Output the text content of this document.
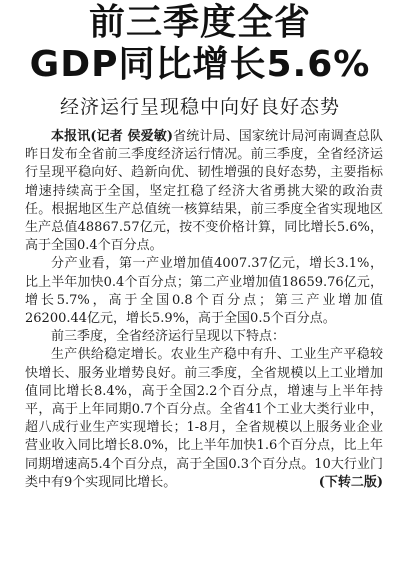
前三季度全省
GDP同比增长5.6%
经济运行呈现稳中向好良好态势

本报讯(记者 侯爱敏)省统计局、国家统计局河南调查总队昨日发布全省前三季度经济运行情况。前三季度，全省经济运行呈现平稳向好、趋新向优、韧性增强的良好态势，主要指标增速持续高于全国，坚定扛稳了经济大省勇挑大梁的政治责任。根据地区生产总值统一核算结果，前三季度全省实现地区生产总值48867.57亿元，按不变价格计算，同比增长5.6%，高于全国0.4个百分点。

分产业看，第一产业增加值4007.37亿元，增长3.1%，比上半年加快0.4个百分点；第二产业增加值18659.76亿元，增长5.7%，高于全国0.8个百分点；第三产业增加值26200.44亿元，增长5.9%，高于全国0.5个百分点。

前三季度，全省经济运行呈现以下特点：

生产供给稳定增长。农业生产稳中有升、工业生产平稳较快增长、服务业增势良好。前三季度，全省规模以上工业增加值同比增长8.4%，高于全国2.2个百分点，增速与上半年持平，高于上年同期0.7个百分点。全省41个工业大类行业中，超八成行业生产实现增长；1-8月，全省规模以上服务业企业营业收入同比增长8.0%，比上半年加快1.6个百分点，比上年同期增速高5.4个百分点，高于全国0.3个百分点。10大行业门类中有9个实现同比增长。	(下转二版)
